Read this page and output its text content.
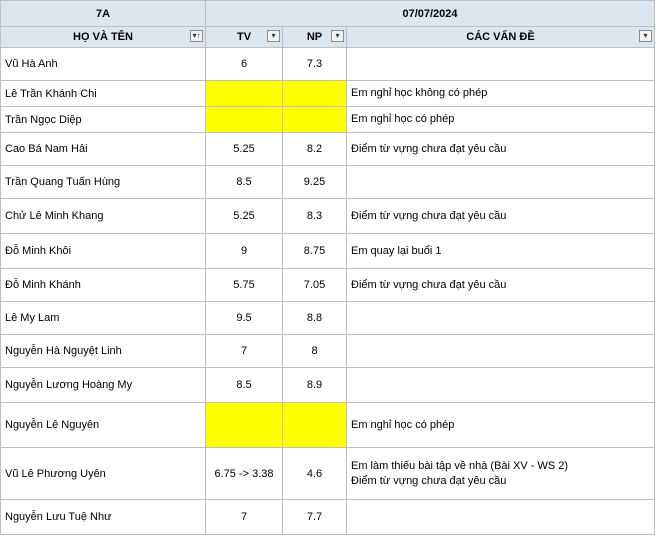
7A	07/07/2024		

HỌ VÀ TÊN ▾↑	TV ▾	NP ▾	CÁC VẤN ĐỀ ▾

Vũ Hà Anh	6	7.3	
Lê Trần Khánh Chi			Em nghỉ học không có phép

Trần Ngọc Diệp			Em nghỉ học có phép

Cao Bá Nam Hải	5.25	8.2	Điểm từ vựng chưa đạt yêu cầu

Trần Quang Tuấn Hùng	8.5	9.25	
Chử Lê Minh Khang	5.25	8.3	Điểm từ vựng chưa đạt yêu cầu

Đỗ Minh Khôi	9	8.75	Em quay lại buổi 1

Đỗ Minh Khánh	5.75	7.05	Điểm từ vựng chưa đạt yêu cầu

Lê My Lam	9.5	8.8	
Nguyễn Hà Nguyệt Linh	7	8	
Nguyễn Lương Hoàng My	8.5	8.9	
Nguyễn Lê Nguyên			Em nghỉ học có phép

Vũ Lê Phương Uyên	6.75 -> 3.38	4.6	Em làm thiếu bài tập về nhà (Bài XV - WS 2)
Điểm từ vựng chưa đạt yêu cầu

Nguyễn Lưu Tuệ Như	7	7.7	
